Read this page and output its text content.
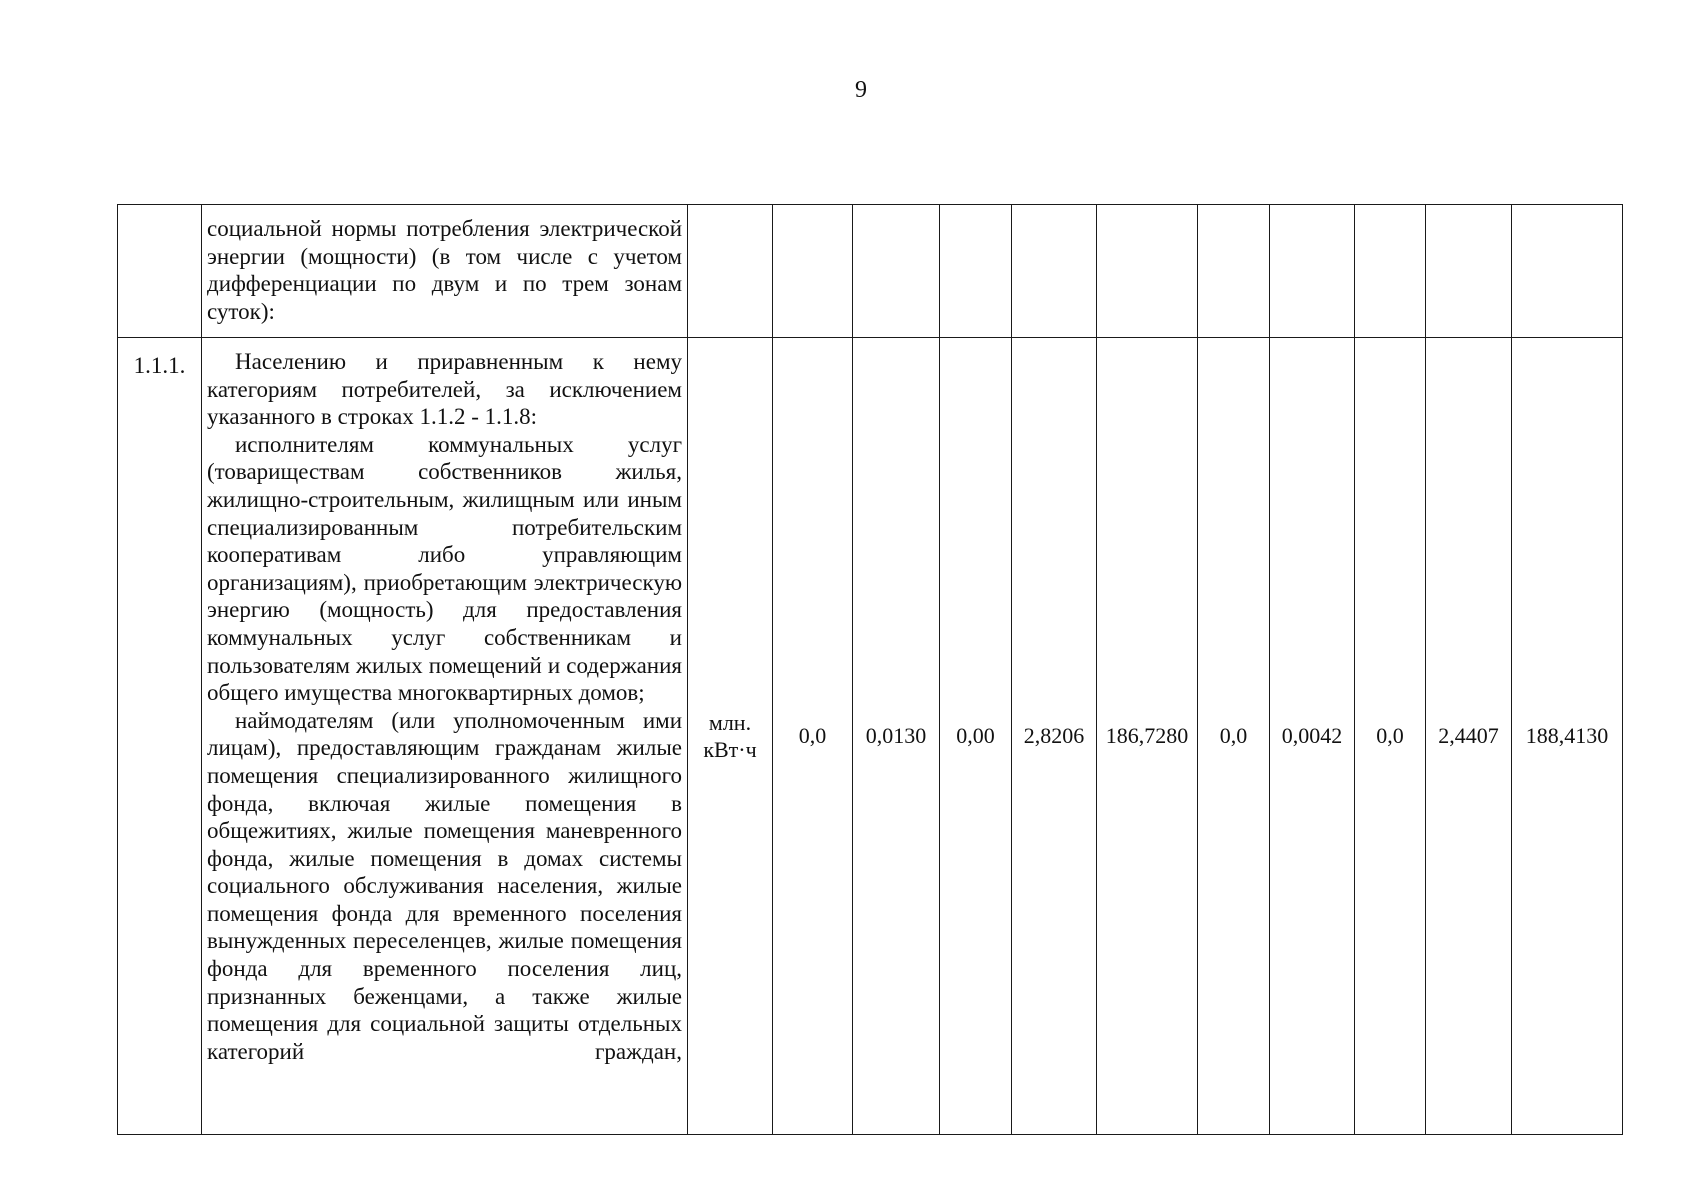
9

	социальной нормы потребления электрической энергии (мощности) (в том числе с учетом дифференциации по двум и по трем зонам суток):											

1.1.1.	Населению и приравненным к нему категориям потребителей, за исключением указанного в строках 1.1.2 - 1.1.8:
исполнителям коммунальных услуг (товариществам собственников жилья, жилищно-строительным, жилищным или иным специализированным потребительским кооперативам либо управляющим организациям), приобретающим электрическую энергию (мощность) для предоставления коммунальных услуг собственникам и пользователям жилых помещений и содержания общего имущества многоквартирных домов;
наймодателям (или уполномоченным ими лицам), предоставляющим гражданам жилые помещения специализированного жилищного фонда, включая жилые помещения в общежитиях, жилые помещения маневренного фонда, жилые помещения в домах системы социального обслуживания населения, жилые помещения фонда для временного поселения вынужденных переселенцев, жилые помещения фонда для временного поселения лиц, признанных беженцами, а также жилые помещения для социальной защиты отдельных категорий граждан,	млн.
кВт·ч	0,0	0,0130	0,00	2,8206	186,7280	0,0	0,0042	0,0	2,4407	188,4130
